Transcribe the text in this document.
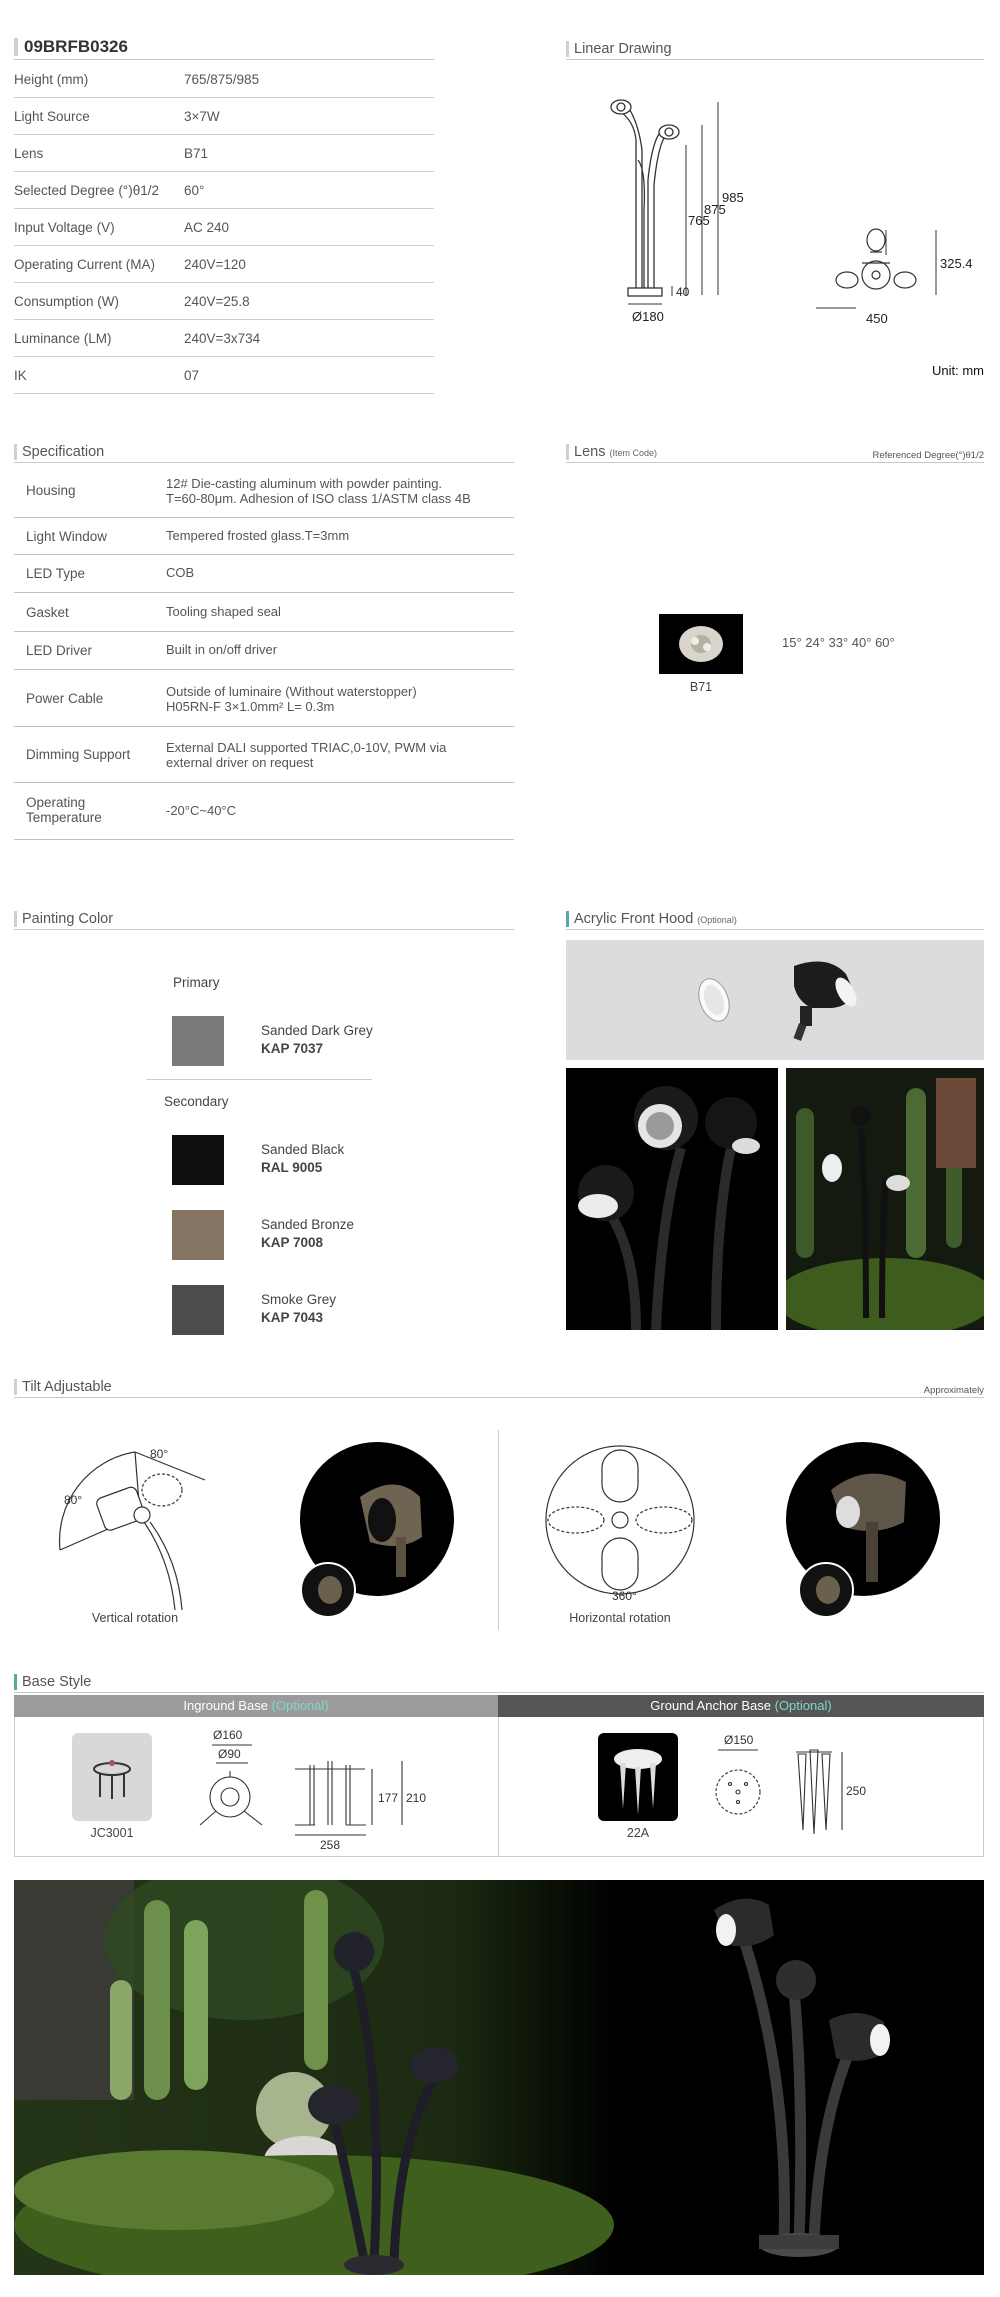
09BRFB0326
Height (mm)	765/875/985
Light Source	3×7W
Lens	B71
Selected Degree (°)θ1/2 60°
Input Voltage (V)	AC 240
Operating Current (MA) 240V=120
Consumption (W)	240V=25.8
Luminance (LM)	240V=3x734
IK	07
Linear Drawing
765
875
985
40
Ø180
325.4
450
Unit: mm
Specification
Housing	12# Die-casting aluminum with powder painting.
T=60-80μm. Adhesion of ISO class 1/ASTM class 4B
Light Window	Tempered frosted glass.T=3mm
LED Type	COB
Gasket	Tooling shaped seal
LED Driver	Built in on/off driver
Power Cable	Outside of luminaire (Without waterstopper)
H05RN-F 3×1.0mm² L= 0.3m
Dimming Support	External DALI supported TRIAC,0-10V, PWM via
external driver on request
Operating
Temperature	-20°C~40°C
Lens (Item Code)	Referenced Degree(°)θ1/2
B71
15° 24° 33° 40° 60°
Painting Color
Primary
Secondary
Sanded Dark Grey
KAP 7037
Sanded Black
RAL 9005
Sanded Bronze
KAP 7008
Smoke Grey
KAP 7043
Acrylic Front Hood (Optional)
Tilt Adjustable	Approximately
80°
80°
Vertical rotation
360°
Horizontal rotation
Base Style
Inground Base (Optional)	Ground Anchor Base (Optional)
JC3001
Ø160
Ø90
177 210
258
22A
Ø150
250
